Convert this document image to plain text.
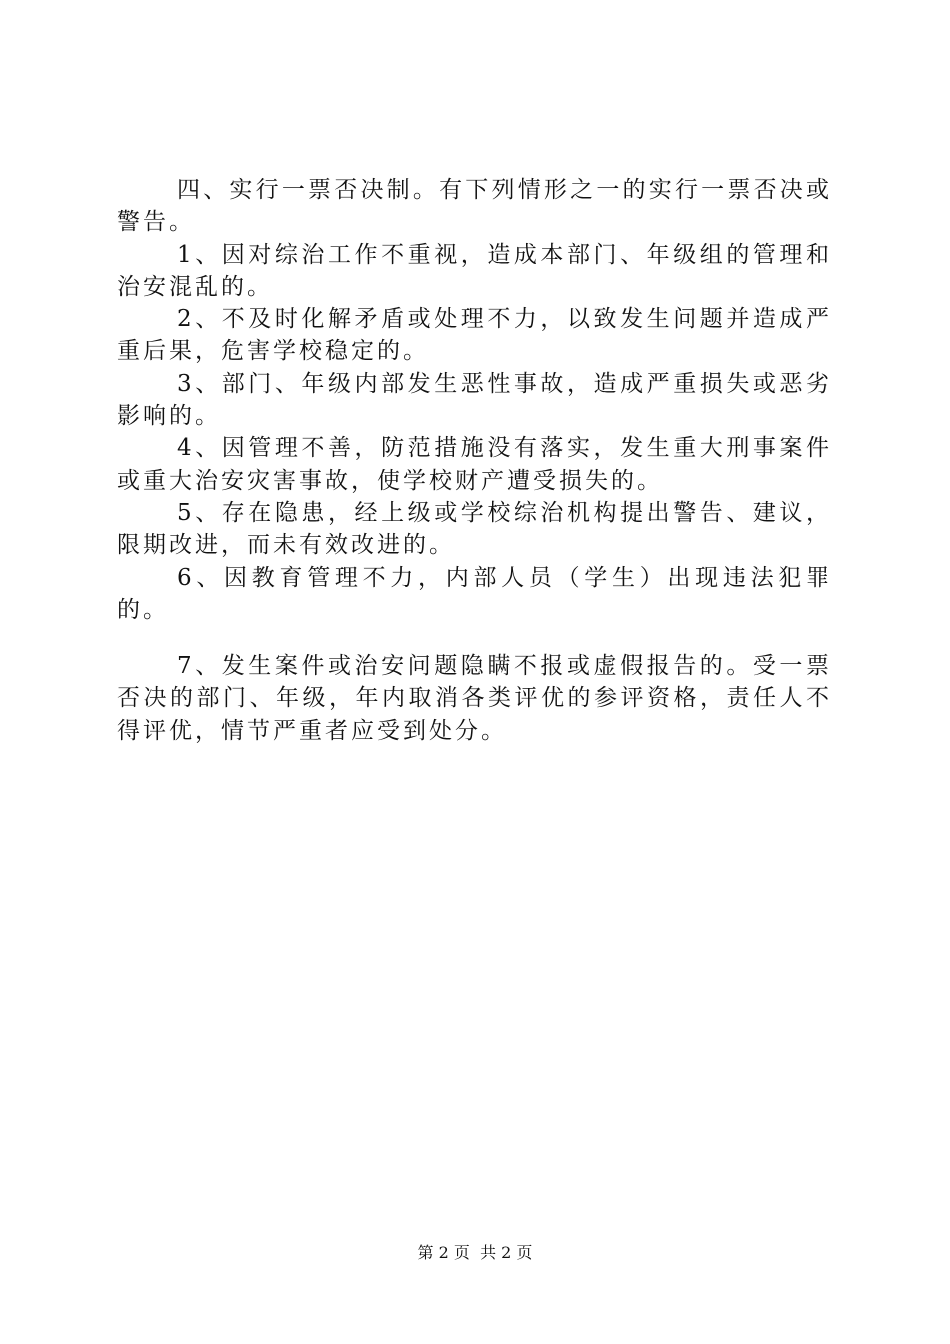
四、实行一票否决制。有下列情形之一的实行一票否决或警告。

1、因对综治工作不重视，造成本部门、年级组的管理和治安混乱的。

2、不及时化解矛盾或处理不力，以致发生问题并造成严重后果，危害学校稳定的。

3、部门、年级内部发生恶性事故，造成严重损失或恶劣影响的。

4、因管理不善，防范措施没有落实，发生重大刑事案件或重大治安灾害事故，使学校财产遭受损失的。

5、存在隐患，经上级或学校综治机构提出警告、建议，限期改进，而未有效改进的。

6、因教育管理不力，内部人员（学生）出现违法犯罪的。

7、发生案件或治安问题隐瞒不报或虚假报告的。受一票否决的部门、年级，年内取消各类评优的参评资格，责任人不得评优，情节严重者应受到处分。

第 2 页  共 2 页
